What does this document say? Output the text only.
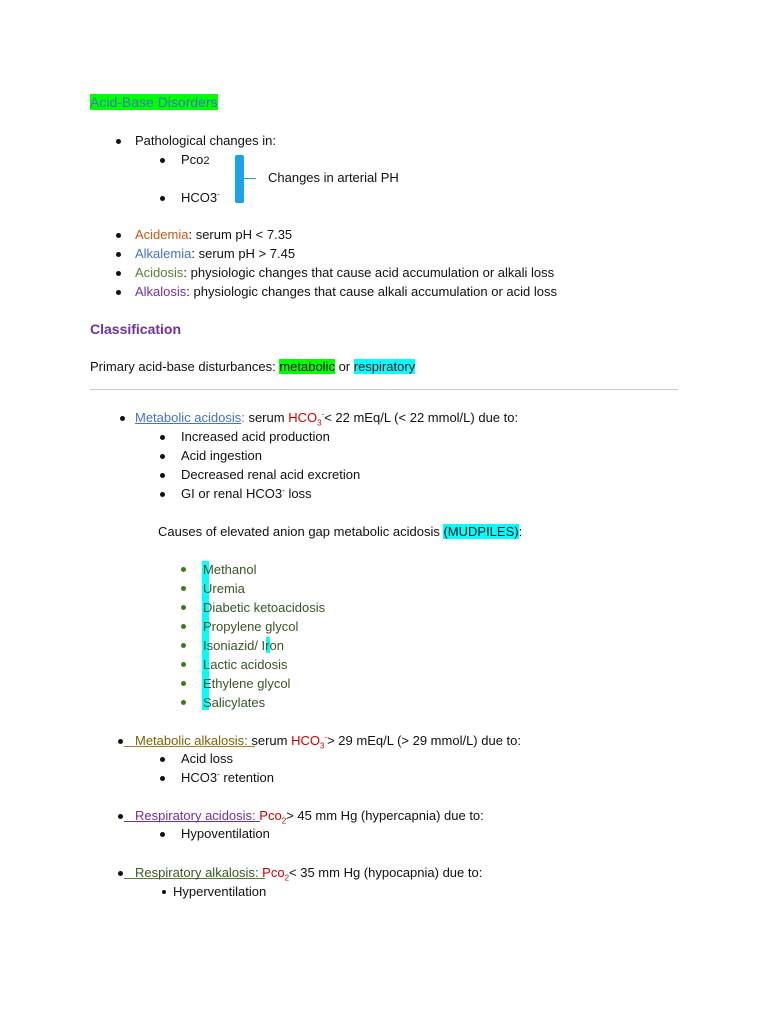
Acid-Base Disorders
Pathological changes in:
Pco2
HCO3-
Changes in arterial PH
Acidemia: serum pH < 7.35
Alkalemia: serum pH > 7.45
Acidosis: physiologic changes that cause acid accumulation or alkali loss
Alkalosis: physiologic changes that cause alkali accumulation or acid loss
Classification
Primary acid-base disturbances: metabolic or respiratory
Metabolic acidosis: serum $HCO_3^-< 22$ mEq/L (< 22 mmol/L) due to:
Increased acid production
Acid ingestion
Decreased renal acid excretion
GI or renal HCO3- loss
Causes of elevated anion gap metabolic acidosis (MUDPILES):
Methanol
Uremia
Diabetic ketoacidosis
Propylene glycol
Isoniazid/ Iron
Lactic acidosis
Ethylene glycol
Salicylates
Metabolic alkalosis: serum $HCO_3^-> 29$ mEq/L (> 29 mmol/L) due to:
Acid loss
HCO3- retention
Respiratory acidosis: Pco$_2$> 45 mm Hg (hypercapnia) due to:
Hypoventilation
Respiratory alkalosis: Pco$_2$< 35 mm Hg (hypocapnia) due to:
Hyperventilation
